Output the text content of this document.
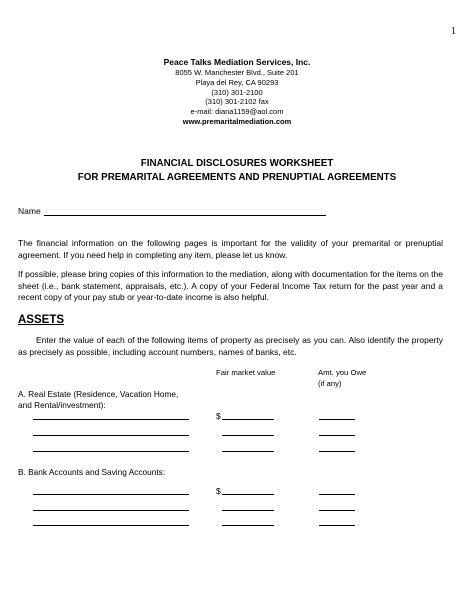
1
Peace Talks Mediation Services, Inc.
8055 W. Manchester Blvd., Suite 201
Playa del Rey, CA 90293
(310) 301-2100
(310) 301-2102 fax
e-mail: diana1159@aol.com
www.premaritalmediation.com
FINANCIAL DISCLOSURES WORKSHEET
FOR PREMARITAL AGREEMENTS AND PRENUPTIAL AGREEMENTS
Name
The financial information on the following pages is important for the validity of your premarital or prenuptial agreement. If you need help in completing any item, please let us know.
If possible, please bring copies of this information to the mediation, along with documentation for the items on the sheet (i.e., bank statement, appraisals, etc.). A copy of your Federal Income Tax return for the past year and a recent copy of your pay stub or year-to-date income is also helpful.
ASSETS
Enter the value of each of the following items of property as precisely as you can. Also identify the property as precisely as possible, including account numbers, names of banks, etc.
Fair market value	Amt. you Owe
(if any)
A. Real Estate (Residence, Vacation Home,
and Rental/investment):
$
B. Bank Accounts and Saving Accounts:
$
